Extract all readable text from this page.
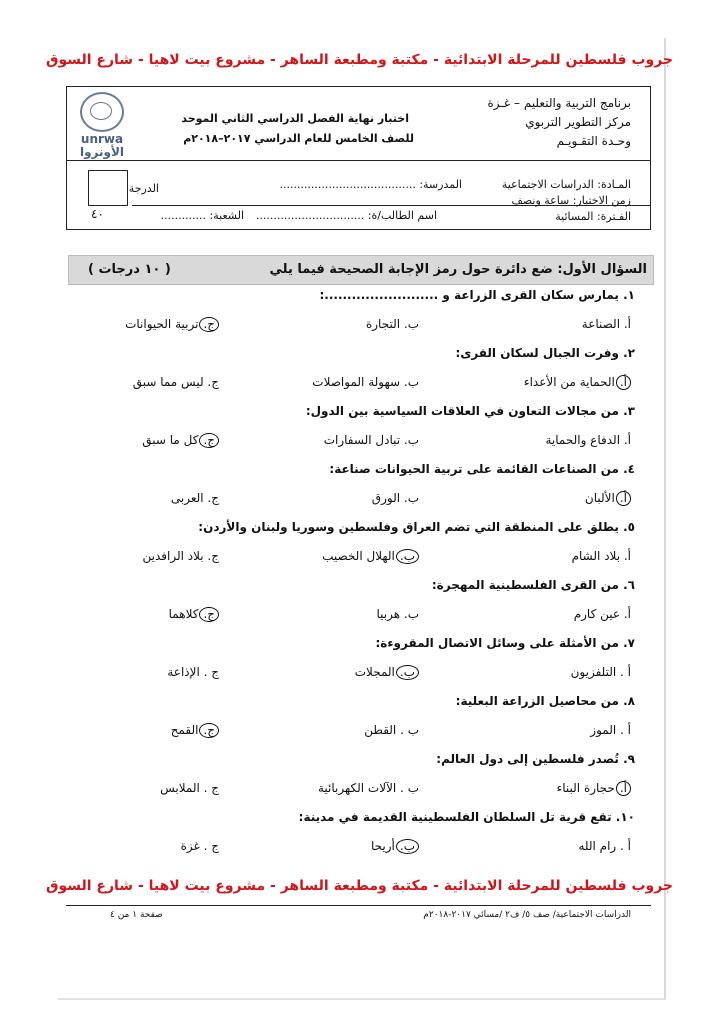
جروب فلسطين للمرحلة الابتدائية - مكتبة ومطبعة الساهر - مشروع بيت لاهيا - شارع السوق
unrwa
الأونروا
برنامج التربية والتعليم – غـزة
مركز التطوير التربوي
وحـدة التقـويـم
اختبار نهاية الفصل الدراسي الثاني الموحد
للصف الخامس للعام الدراسي ٢٠١٧–٢٠١٨م
المـادة: الدراسات الاجتماعية
زمن الاختبار: ساعة ونصف
الفـترة: المسائية
المدرسة: .......................................
اسم الطالب/ة: ...............................
الشعبة: .............
الدرجة
٤٠
السؤال الأول: ضع دائرة حول رمز الإجابة الصحيحة فيما يلي
( ١٠ درجات )
١. يمارس سكان القرى الزراعة و .........................:
أ. الصناعة
ب. التجارة
ج.تربية الحيوانات
٢. وفرت الجبال لسكان القرى:
أ.الحماية من الأعداء
ب. سهولة المواصلات
ج. ليس مما سبق
٣. من مجالات التعاون في العلاقات السياسية بين الدول:
أ. الدفاع والحماية
ب. تبادل السفارات
ج.كل ما سبق
٤. من الصناعات القائمة على تربية الحيوانات صناعة:
أ.الألبان
ب. الورق
ج. العربى
٥. يطلق على المنطقة التي تضم العراق وفلسطين وسوريا ولبنان والأردن:
أ. بلاد الشام
ب.الهلال الخصيب
ج. بلاد الرافدين
٦. من القرى الفلسطينية المهجرة:
أ. عين كارم
ب. هربيا
ج.كلاهما
٧. من الأمثلة على وسائل الاتصال المقروءة:
أ . التلفزيون
ب.المجلات
ج . الإذاعة
٨. من محاصيل الزراعة البعلية:
أ . الموز
ب . القطن
ج.القمح
٩. تُصدر فلسطين إلى دول العالم:
أ.حجارة البناء
ب . الآلات الكهربائية
ج . الملابس
١٠. تقع قرية تل السلطان الفلسطينية القديمة في مدينة:
أ . رام الله
ب.أريحا
ج . غزة
جروب فلسطين للمرحلة الابتدائية - مكتبة ومطبعة الساهر - مشروع بيت لاهيا - شارع السوق
صفحة ١ من ٤	الدراسات الاجتماعية/ صف ٥/ ف٢ /مسائي ٢٠١٧-٢٠١٨م
